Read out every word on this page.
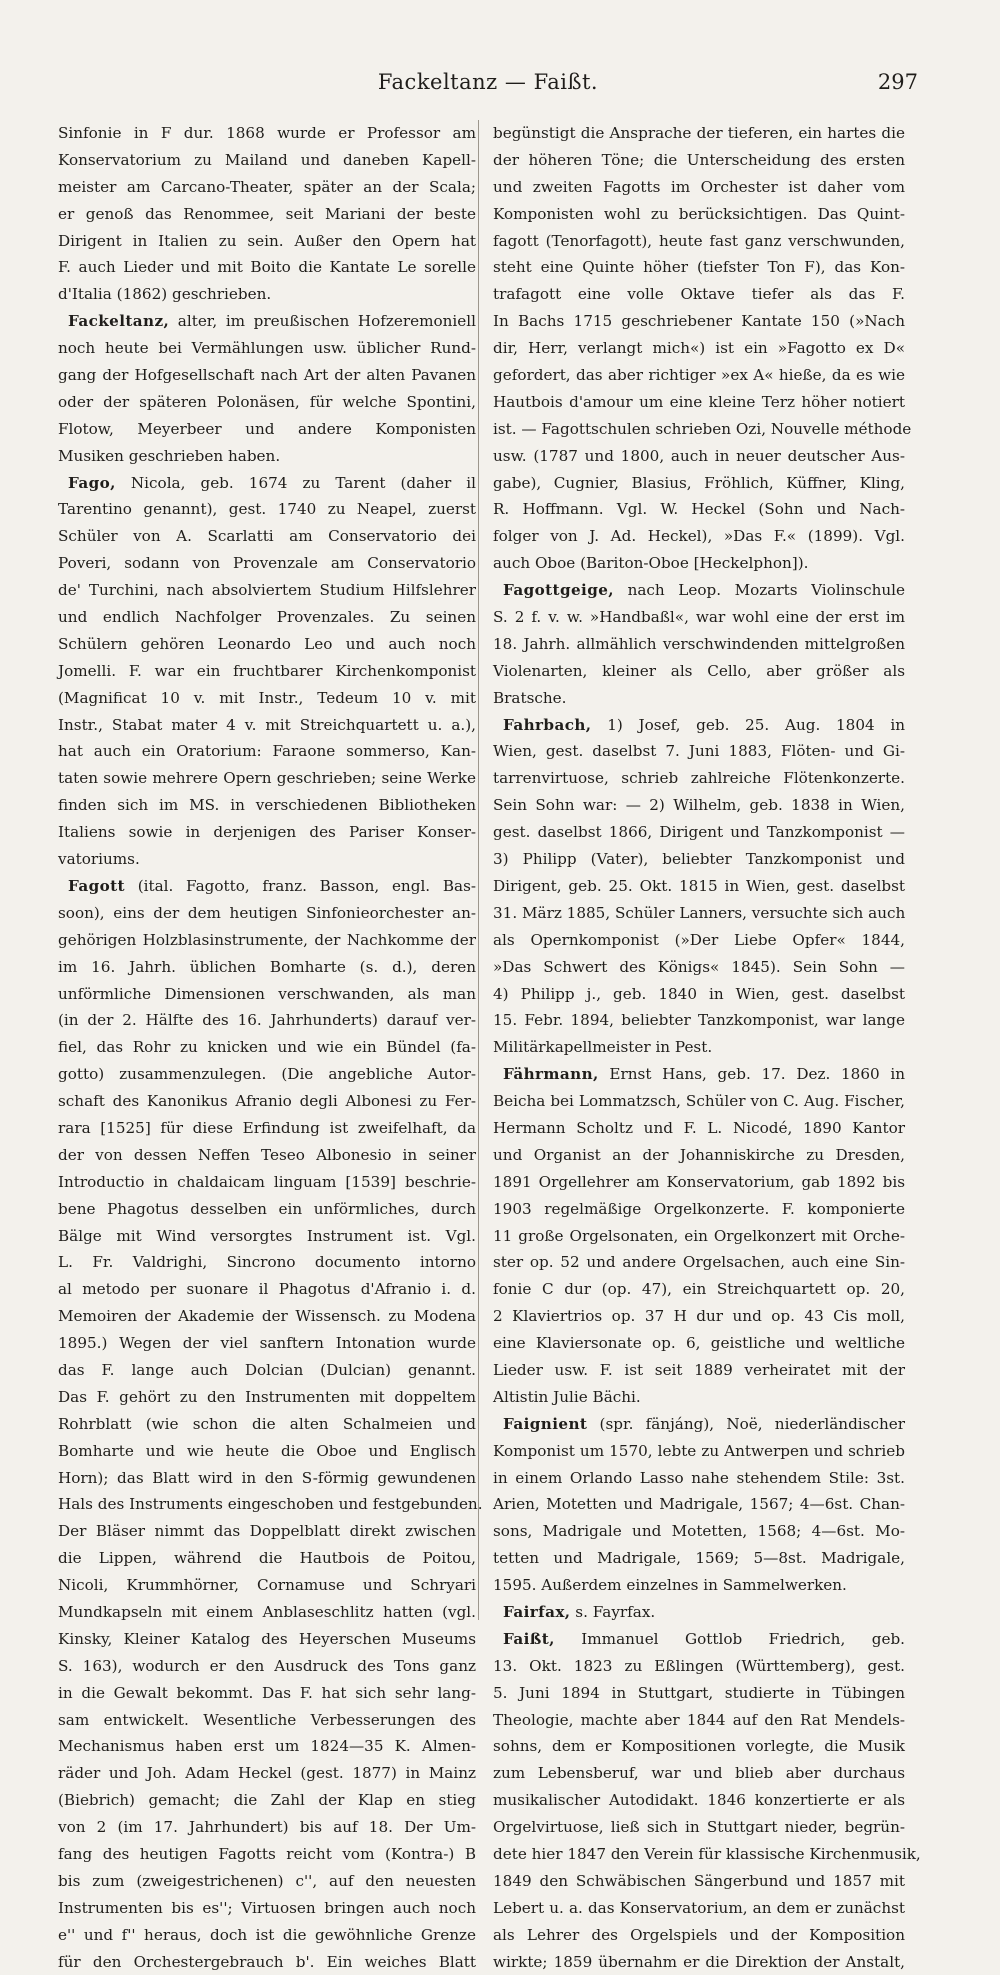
Fackeltanz — Faißt.	297
Sinfonie in F dur. 1868 wurde er Professor am
Konservatorium zu Mailand und daneben Kapell-
meister am Carcano-Theater, später an der Scala;
er genoß das Renommee, seit Mariani der beste
Dirigent in Italien zu sein. Außer den Opern hat
F. auch Lieder und mit Boito die Kantate Le sorelle
d'Italia (1862) geschrieben.
Fackeltanz, alter, im preußischen Hofzeremoniell
noch heute bei Vermählungen usw. üblicher Rund-
gang der Hofgesellschaft nach Art der alten Pavanen
oder der späteren Polonäsen, für welche Spontini,
Flotow, Meyerbeer und andere Komponisten
Musiken geschrieben haben.
Fago, Nicola, geb. 1674 zu Tarent (daher il
Tarentino genannt), gest. 1740 zu Neapel, zuerst
Schüler von A. Scarlatti am Conservatorio dei
Poveri, sodann von Provenzale am Conservatorio
de' Turchini, nach absolviertem Studium Hilfslehrer
und endlich Nachfolger Provenzales. Zu seinen
Schülern gehören Leonardo Leo und auch noch
Jomelli. F. war ein fruchtbarer Kirchenkomponist
(Magnificat 10 v. mit Instr., Tedeum 10 v. mit
Instr., Stabat mater 4 v. mit Streichquartett u. a.),
hat auch ein Oratorium: Faraone sommerso, Kan-
taten sowie mehrere Opern geschrieben; seine Werke
finden sich im MS. in verschiedenen Bibliotheken
Italiens sowie in derjenigen des Pariser Konser-
vatoriums.
Fagott (ital. Fagotto, franz. Basson, engl. Bas-
soon), eins der dem heutigen Sinfonieorchester an-
gehörigen Holzblasinstrumente, der Nachkomme der
im 16. Jahrh. üblichen Bomharte (s. d.), deren
unförmliche Dimensionen verschwanden, als man
(in der 2. Hälfte des 16. Jahrhunderts) darauf ver-
fiel, das Rohr zu knicken und wie ein Bündel (fa-
gotto) zusammenzulegen. (Die angebliche Autor-
schaft des Kanonikus Afranio degli Albonesi zu Fer-
rara [1525] für diese Erfindung ist zweifelhaft, da
der von dessen Neffen Teseo Albonesio in seiner
Introductio in chaldaicam linguam [1539] beschrie-
bene Phagotus desselben ein unförmliches, durch
Bälge mit Wind versorgtes Instrument ist. Vgl.
L. Fr. Valdrighi, Sincrono documento intorno
al metodo per suonare il Phagotus d'Afranio i. d.
Memoiren der Akademie der Wissensch. zu Modena
1895.) Wegen der viel sanftern Intonation wurde
das F. lange auch Dolcian (Dulcian) genannt.
Das F. gehört zu den Instrumenten mit doppeltem
Rohrblatt (wie schon die alten Schalmeien und
Bomharte und wie heute die Oboe und Englisch
Horn); das Blatt wird in den S-förmig gewundenen
Hals des Instruments eingeschoben und festgebunden.
Der Bläser nimmt das Doppelblatt direkt zwischen
die Lippen, während die Hautbois de Poitou,
Nicoli, Krummhörner, Cornamuse und Schryari
Mundkapseln mit einem Anblaseschlitz hatten (vgl.
Kinsky, Kleiner Katalog des Heyerschen Museums
S. 163), wodurch er den Ausdruck des Tons ganz
in die Gewalt bekommt. Das F. hat sich sehr lang-
sam entwickelt. Wesentliche Verbesserungen des
Mechanismus haben erst um 1824—35 K. Almen-
räder und Joh. Adam Heckel (gest. 1877) in Mainz
(Biebrich) gemacht; die Zahl der Klap en stieg
von 2 (im 17. Jahrhundert) bis auf 18. Der Um-
fang des heutigen Fagotts reicht vom (Kontra-) B
bis zum (zweigestrichenen) c'', auf den neuesten
Instrumenten bis es''; Virtuosen bringen auch noch
e'' und f'' heraus, doch ist die gewöhnliche Grenze
für den Orchestergebrauch b'. Ein weiches Blatt
begünstigt die Ansprache der tieferen, ein hartes die
der höheren Töne; die Unterscheidung des ersten
und zweiten Fagotts im Orchester ist daher vom
Komponisten wohl zu berücksichtigen. Das Quint-
fagott (Tenorfagott), heute fast ganz verschwunden,
steht eine Quinte höher (tiefster Ton F), das Kon-
trafagott eine volle Oktave tiefer als das F.
In Bachs 1715 geschriebener Kantate 150 (»Nach
dir, Herr, verlangt mich«) ist ein »Fagotto ex D«
gefordert, das aber richtiger »ex A« hieße, da es wie
Hautbois d'amour um eine kleine Terz höher notiert
ist. — Fagottschulen schrieben Ozi, Nouvelle méthode
usw. (1787 und 1800, auch in neuer deutscher Aus-
gabe), Cugnier, Blasius, Fröhlich, Küffner, Kling,
R. Hoffmann. Vgl. W. Heckel (Sohn und Nach-
folger von J. Ad. Heckel), »Das F.« (1899). Vgl.
auch Oboe (Bariton-Oboe [Heckelphon]).
Fagottgeige, nach Leop. Mozarts Violinschule
S. 2 f. v. w. »Handbaßl«, war wohl eine der erst im
18. Jahrh. allmählich verschwindenden mittelgroßen
Violenarten, kleiner als Cello, aber größer als
Bratsche.
Fahrbach, 1) Josef, geb. 25. Aug. 1804 in
Wien, gest. daselbst 7. Juni 1883, Flöten- und Gi-
tarrenvirtuose, schrieb zahlreiche Flötenkonzerte.
Sein Sohn war: — 2) Wilhelm, geb. 1838 in Wien,
gest. daselbst 1866, Dirigent und Tanzkomponist —
3) Philipp (Vater), beliebter Tanzkomponist und
Dirigent, geb. 25. Okt. 1815 in Wien, gest. daselbst
31. März 1885, Schüler Lanners, versuchte sich auch
als Opernkomponist (»Der Liebe Opfer« 1844,
»Das Schwert des Königs« 1845). Sein Sohn —
4) Philipp j., geb. 1840 in Wien, gest. daselbst
15. Febr. 1894, beliebter Tanzkomponist, war lange
Militärkapellmeister in Pest.
Fährmann, Ernst Hans, geb. 17. Dez. 1860 in
Beicha bei Lommatzsch, Schüler von C. Aug. Fischer,
Hermann Scholtz und F. L. Nicodé, 1890 Kantor
und Organist an der Johanniskirche zu Dresden,
1891 Orgellehrer am Konservatorium, gab 1892 bis
1903 regelmäßige Orgelkonzerte. F. komponierte
11 große Orgelsonaten, ein Orgelkonzert mit Orche-
ster op. 52 und andere Orgelsachen, auch eine Sin-
fonie C dur (op. 47), ein Streichquartett op. 20,
2 Klaviertrios op. 37 H dur und op. 43 Cis moll,
eine Klaviersonate op. 6, geistliche und weltliche
Lieder usw. F. ist seit 1889 verheiratet mit der
Altistin Julie Bächi.
Faignient (spr. fänjáng), Noë, niederländischer
Komponist um 1570, lebte zu Antwerpen und schrieb
in einem Orlando Lasso nahe stehendem Stile: 3st.
Arien, Motetten und Madrigale, 1567; 4—6st. Chan-
sons, Madrigale und Motetten, 1568; 4—6st. Mo-
tetten und Madrigale, 1569; 5—8st. Madrigale,
1595. Außerdem einzelnes in Sammelwerken.
Fairfax, s. Fayrfax.
Faißt, Immanuel Gottlob Friedrich, geb.
13. Okt. 1823 zu Eßlingen (Württemberg), gest.
5. Juni 1894 in Stuttgart, studierte in Tübingen
Theologie, machte aber 1844 auf den Rat Mendels-
sohns, dem er Kompositionen vorlegte, die Musik
zum Lebensberuf, war und blieb aber durchaus
musikalischer Autodidakt. 1846 konzertierte er als
Orgelvirtuose, ließ sich in Stuttgart nieder, begrün-
dete hier 1847 den Verein für klassische Kirchenmusik,
1849 den Schwäbischen Sängerbund und 1857 mit
Lebert u. a. das Konservatorium, an dem er zunächst
als Lehrer des Orgelspiels und der Komposition
wirkte; 1859 übernahm er die Direktion der Anstalt,
